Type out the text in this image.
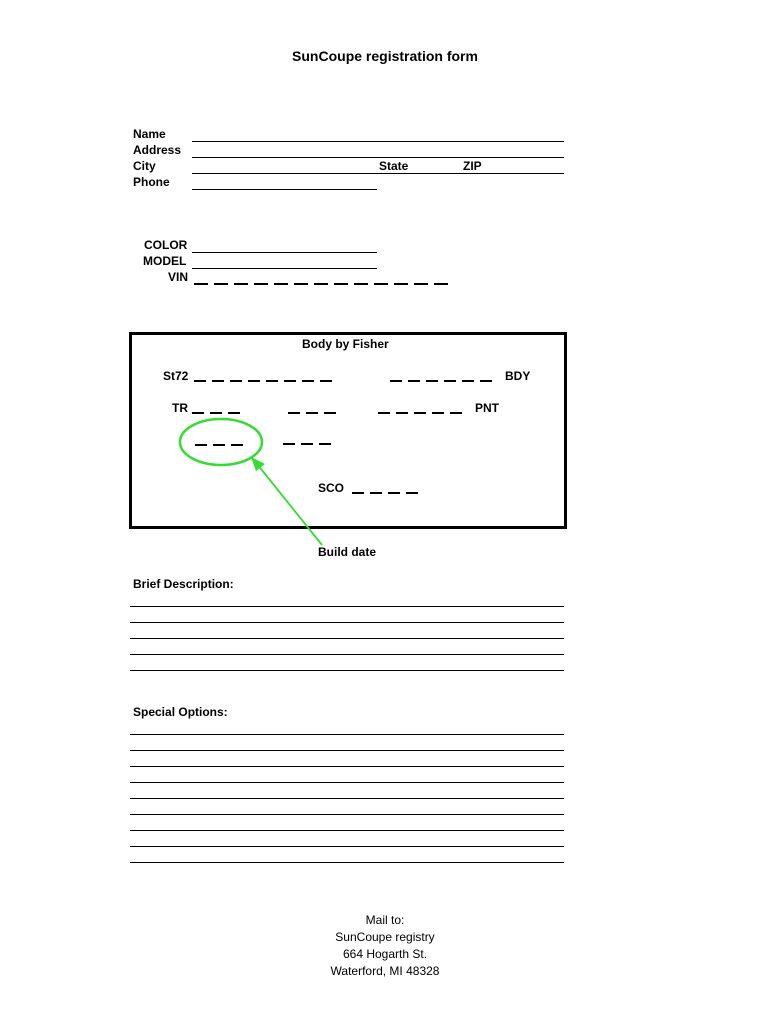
SunCoupe registration form
Name
Address
City	State	ZIP
Phone
COLOR
MODEL
VIN
Body by Fisher
St72	BDY
TR	PNT
SCO
Build date
Brief Description:
Special Options:
Mail to:
SunCoupe registry
664 Hogarth St.
Waterford, MI 48328
